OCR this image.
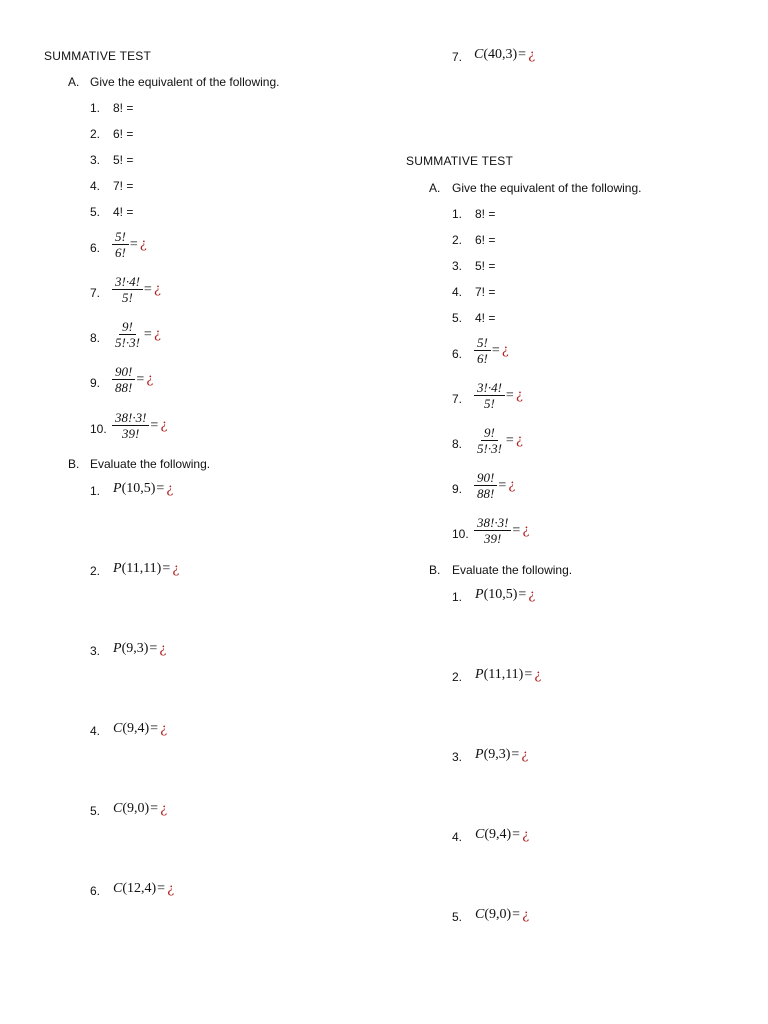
SUMMATIVE TEST
A. Give the equivalent of the following.
1. 8! =
2. 6! =
3. 5! =
4. 7! =
5. 4! =
6. $\frac{5!}{6!}$ = ¿
7. $\frac{3!\cdot 4!}{5!}$ = ¿
8. $\frac{9!}{5!\cdot 3!}$ = ¿
9. $\frac{90!}{88!}$ = ¿
10. $\frac{38!\cdot 3!}{39!}$ = ¿
B. Evaluate the following.
1. P (10,5) = ¿
2. P (11,11) = ¿
3. P (9,3) = ¿
4. C (9,4) = ¿
5. C (9,0) = ¿
6. C (12,4) = ¿
7. C (40,3) = ¿
SUMMATIVE TEST
A. Give the equivalent of the following.
1. 8! =
2. 6! =
3. 5! =
4. 7! =
5. 4! =
6. $\frac{5!}{6!}$ = ¿
7. $\frac{3!\cdot 4!}{5!}$ = ¿
8. $\frac{9!}{5!\cdot 3!}$ = ¿
9. $\frac{90!}{88!}$ = ¿
10. $\frac{38!\cdot 3!}{39!}$ = ¿
B. Evaluate the following.
1. P (10,5) = ¿
2. P (11,11) = ¿
3. P (9,3) = ¿
4. C (9,4) = ¿
5. C (9,0) = ¿
